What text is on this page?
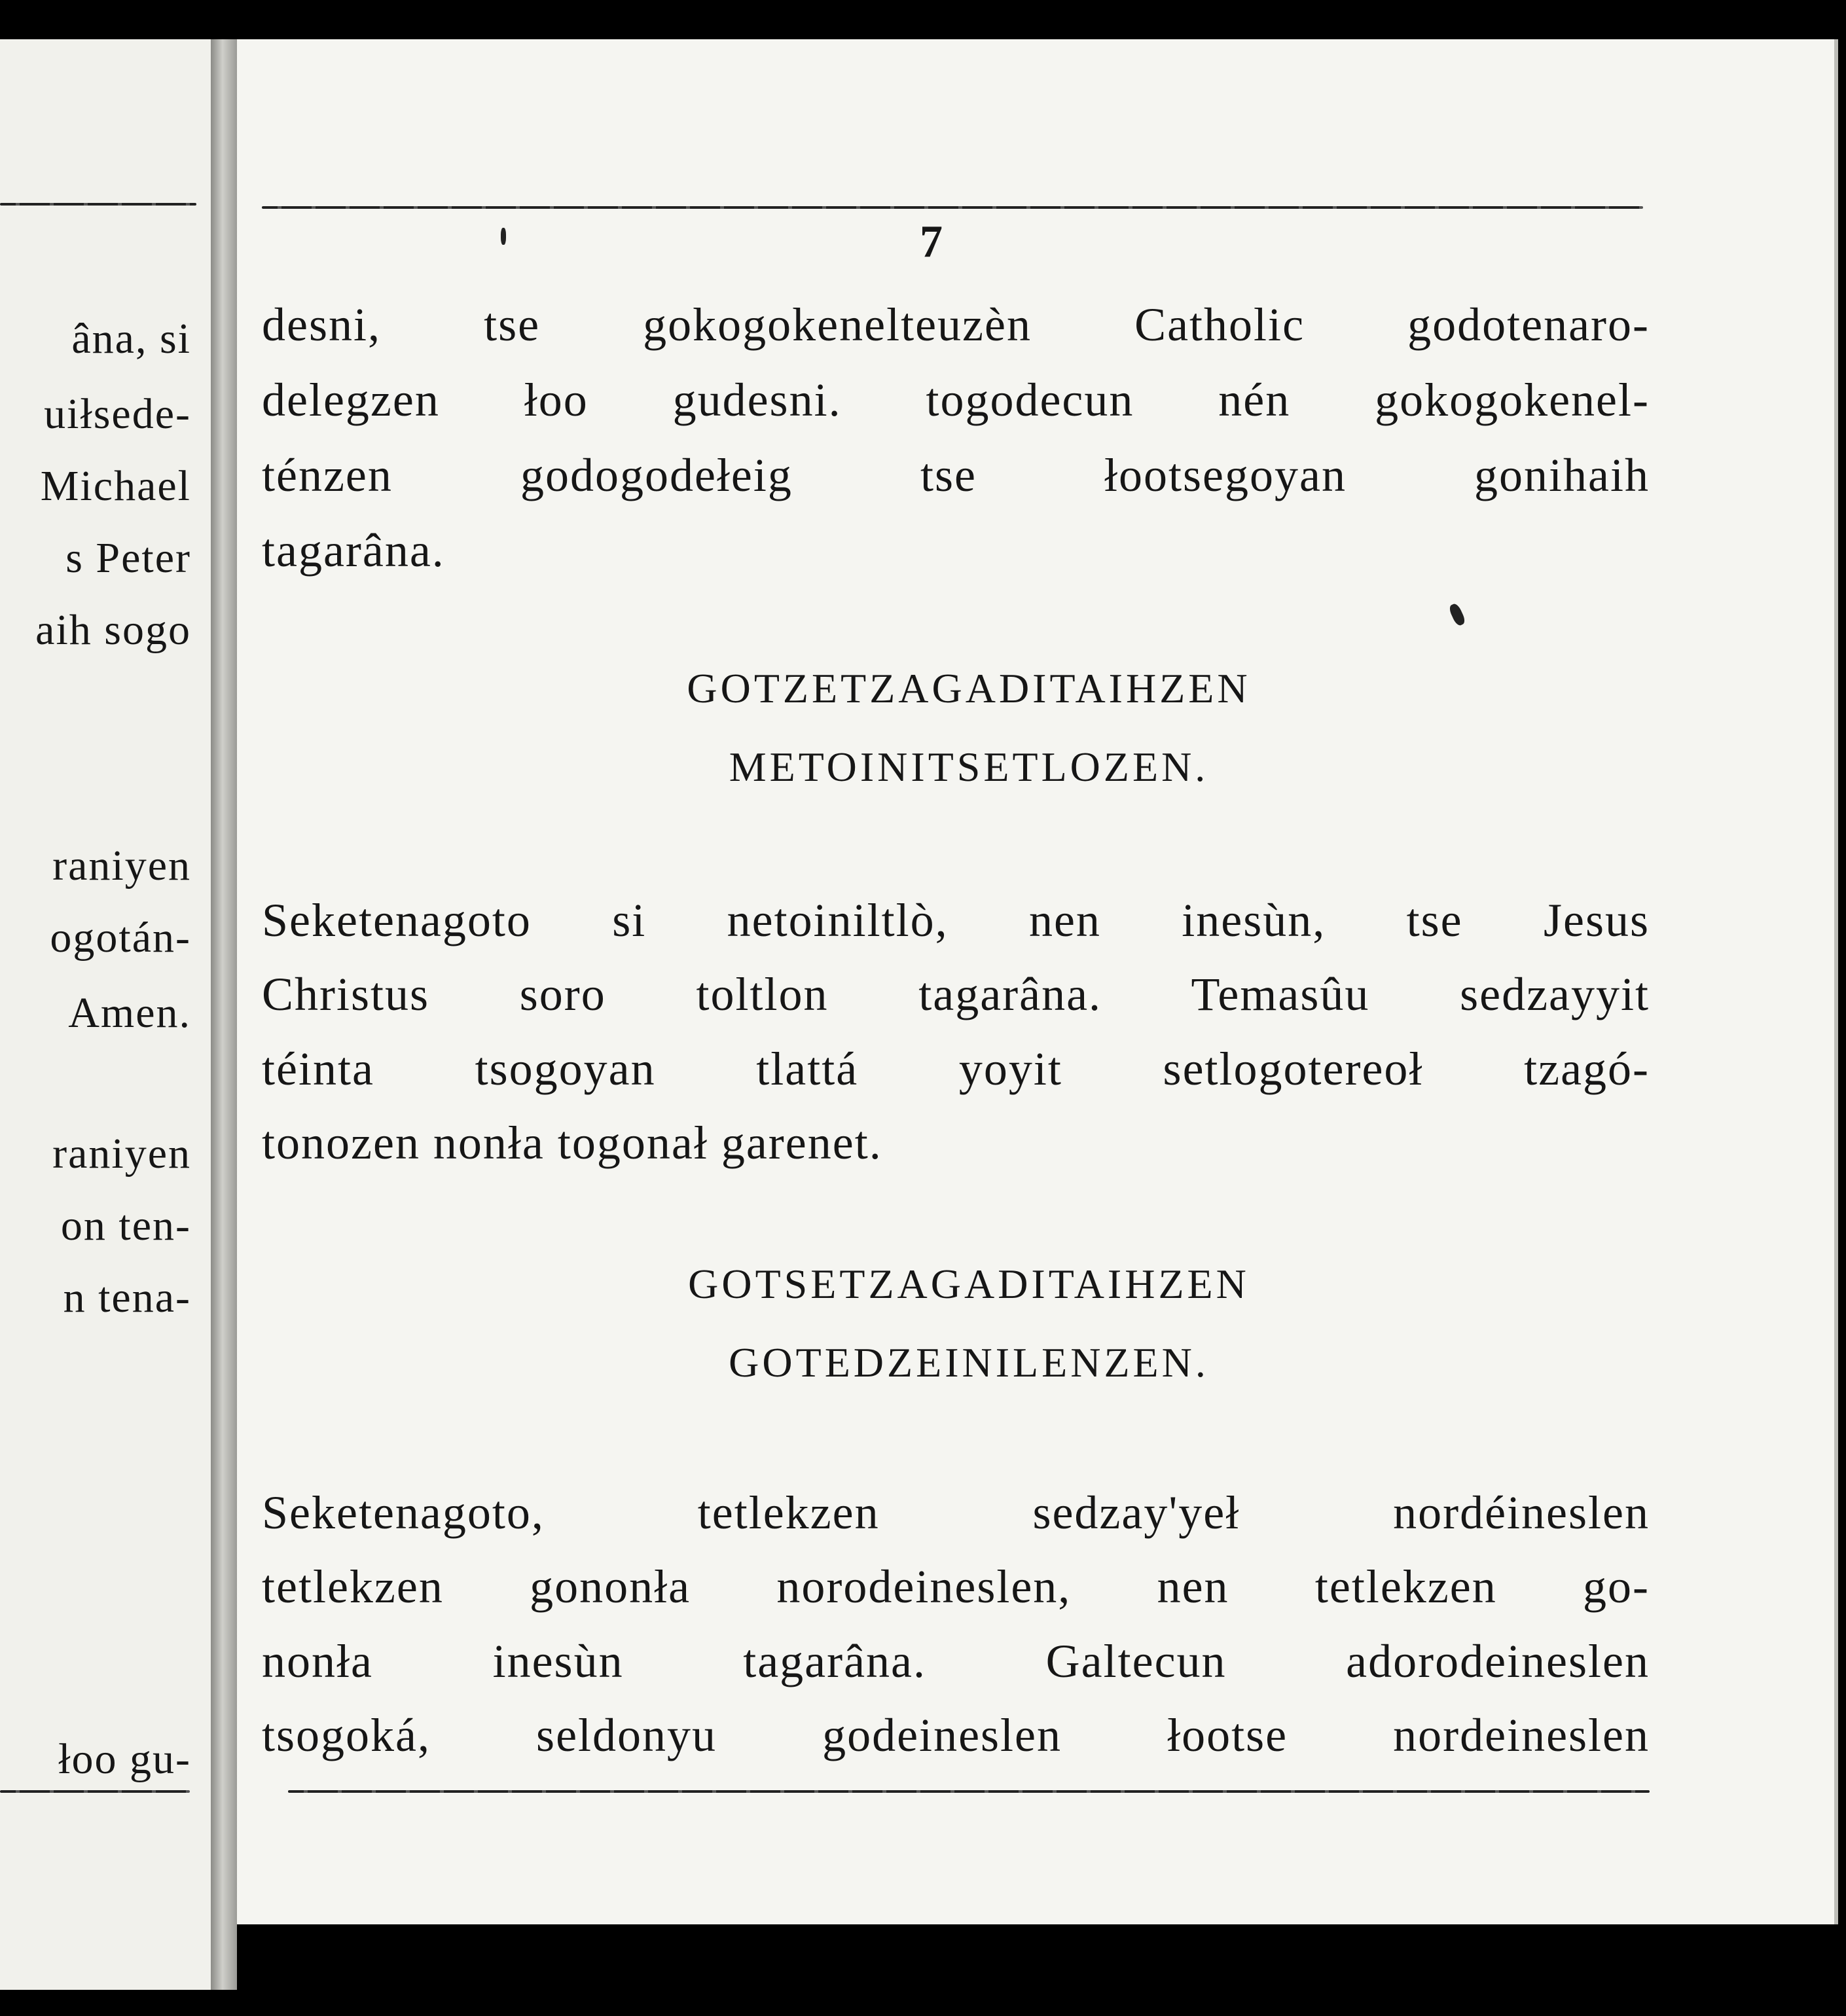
âna, si
uiłsede-
Michael
s Peter
aih sogo
raniyen
ogotán-
Amen.
raniyen
on ten-
n tena-
łoo gu-
7
desni, tse gokogokenelteuzèn Catholic godotenaro-
delegzen łoo gudesni. togodecun nén gokogokenel-
ténzen godogodełeig tse łootsegoyan gonihaih
tagarâna.
GOTZETZAGADITAIHZEN
METOINITSETLOZEN.
Seketenagoto si netoiniltlò, nen inesùn, tse Jesus
Christus soro toltlon tagarâna. Temasûu sedzayyit
téinta tsogoyan tlattá yoyit setlogotereoł tzagó-
tonozen nonła togonał garenet.
GOTSETZAGADITAIHZEN
GOTEDZEINILENZEN.
Seketenagoto, tetlekzen sedzay'yeł nordéineslen
tetlekzen gononła norodeineslen, nen tetlekzen go-
nonła inesùn tagarâna. Galtecun adorodeineslen
tsogoká, seldonyu godeineslen łootse nordeineslen
